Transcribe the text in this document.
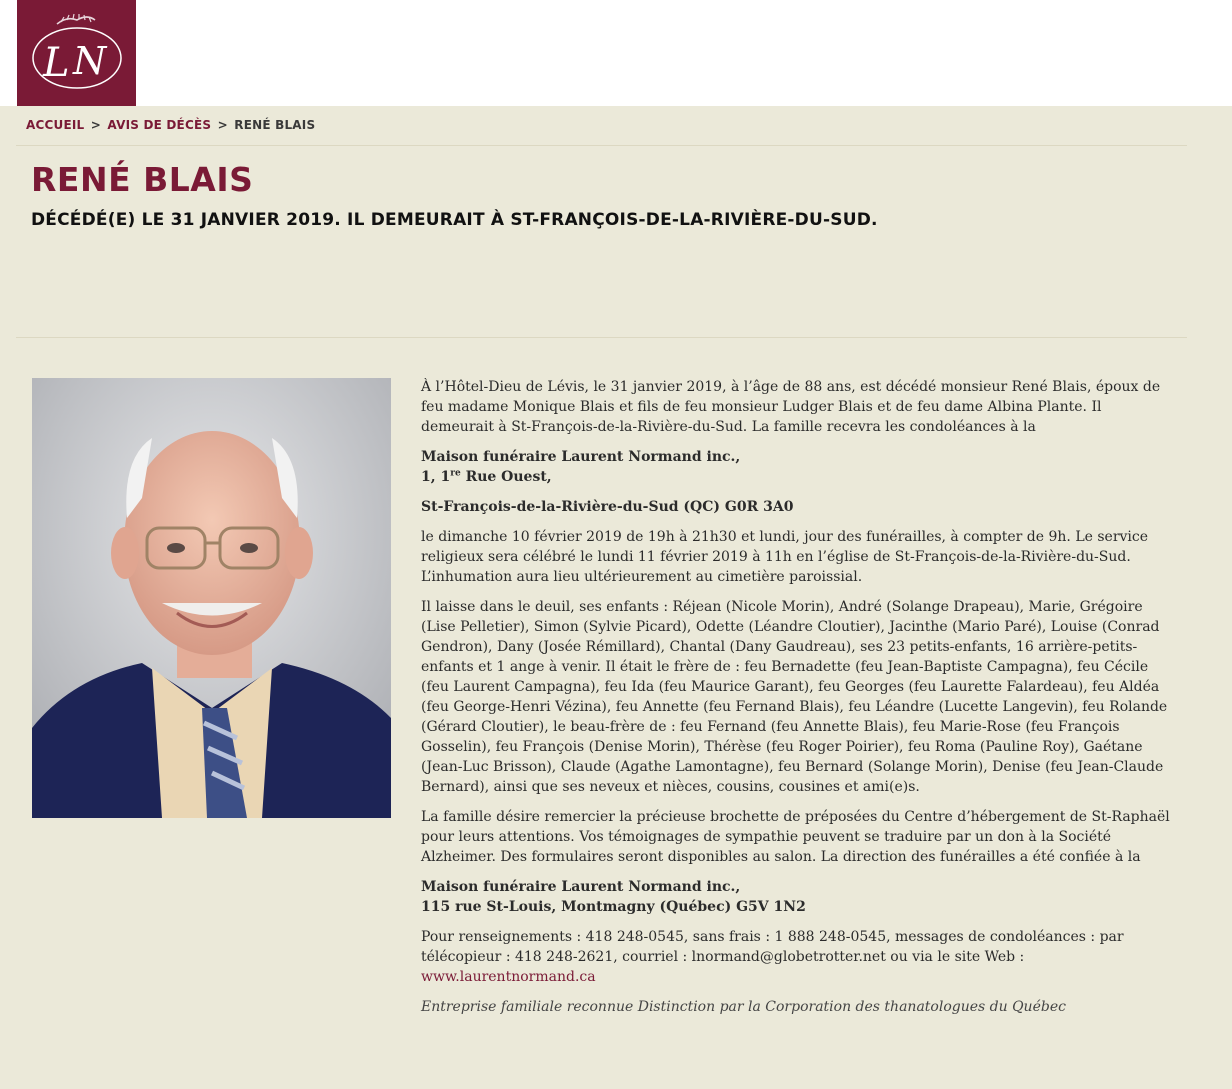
L N
ACCUEIL > AVIS DE DÉCÈS > RENÉ BLAIS
RENÉ BLAIS
DÉCÉDÉ(E) LE 31 JANVIER 2019. IL DEMEURAIT À ST-FRANÇOIS-DE-LA-RIVIÈRE-DU-SUD.

À l’Hôtel-Dieu de Lévis, le 31 janvier 2019, à l’âge de 88 ans, est décédé monsieur René Blais, époux de feu madame Monique Blais et fils de feu monsieur Ludger Blais et de feu dame Albina Plante. Il demeurait à St-François-de-la-Rivière-du-Sud. La famille recevra les condoléances à la

Maison funéraire Laurent Normand inc.,
1, 1re Rue Ouest,

St-François-de-la-Rivière-du-Sud (QC) G0R 3A0

le dimanche 10 février 2019 de 19h à 21h30 et lundi, jour des funérailles, à compter de 9h. Le service religieux sera célébré le lundi 11 février 2019 à 11h en l’église de St-François-de-la-Rivière-du-Sud. L’inhumation aura lieu ultérieurement au cimetière paroissial.

Il laisse dans le deuil, ses enfants : Réjean (Nicole Morin), André (Solange Drapeau), Marie, Grégoire (Lise Pelletier), Simon (Sylvie Picard), Odette (Léandre Cloutier), Jacinthe (Mario Paré), Louise (Conrad Gendron), Dany (Josée Rémillard), Chantal (Dany Gaudreau), ses 23 petits-enfants, 16 arrière-petits-enfants et 1 ange à venir. Il était le frère de : feu Bernadette (feu Jean-Baptiste Campagna), feu Cécile (feu Laurent Campagna), feu Ida (feu Maurice Garant), feu Georges (feu Laurette Falardeau), feu Aldéa (feu George-Henri Vézina), feu Annette (feu Fernand Blais), feu Léandre (Lucette Langevin), feu Rolande (Gérard Cloutier), le beau-frère de : feu Fernand (feu Annette Blais), feu Marie-Rose (feu François Gosselin), feu François (Denise Morin), Thérèse (feu Roger Poirier), feu Roma (Pauline Roy), Gaétane (Jean-Luc Brisson), Claude (Agathe Lamontagne), feu Bernard (Solange Morin), Denise (feu Jean-Claude Bernard), ainsi que ses neveux et nièces, cousins, cousines et ami(e)s.

La famille désire remercier la précieuse brochette de préposées du Centre d’hébergement de St-Raphaël pour leurs attentions. Vos témoignages de sympathie peuvent se traduire par un don à la Société Alzheimer. Des formulaires seront disponibles au salon. La direction des funérailles a été confiée à la

Maison funéraire Laurent Normand inc.,
115 rue St-Louis, Montmagny (Québec) G5V 1N2

Pour renseignements : 418 248-0545, sans frais : 1 888 248-0545, messages de condoléances : par télécopieur : 418 248-2621, courriel : lnormand@globetrotter.net ou via le site Web :
www.laurentnormand.ca

Entreprise familiale reconnue Distinction par la Corporation des thanatologues du Québec
